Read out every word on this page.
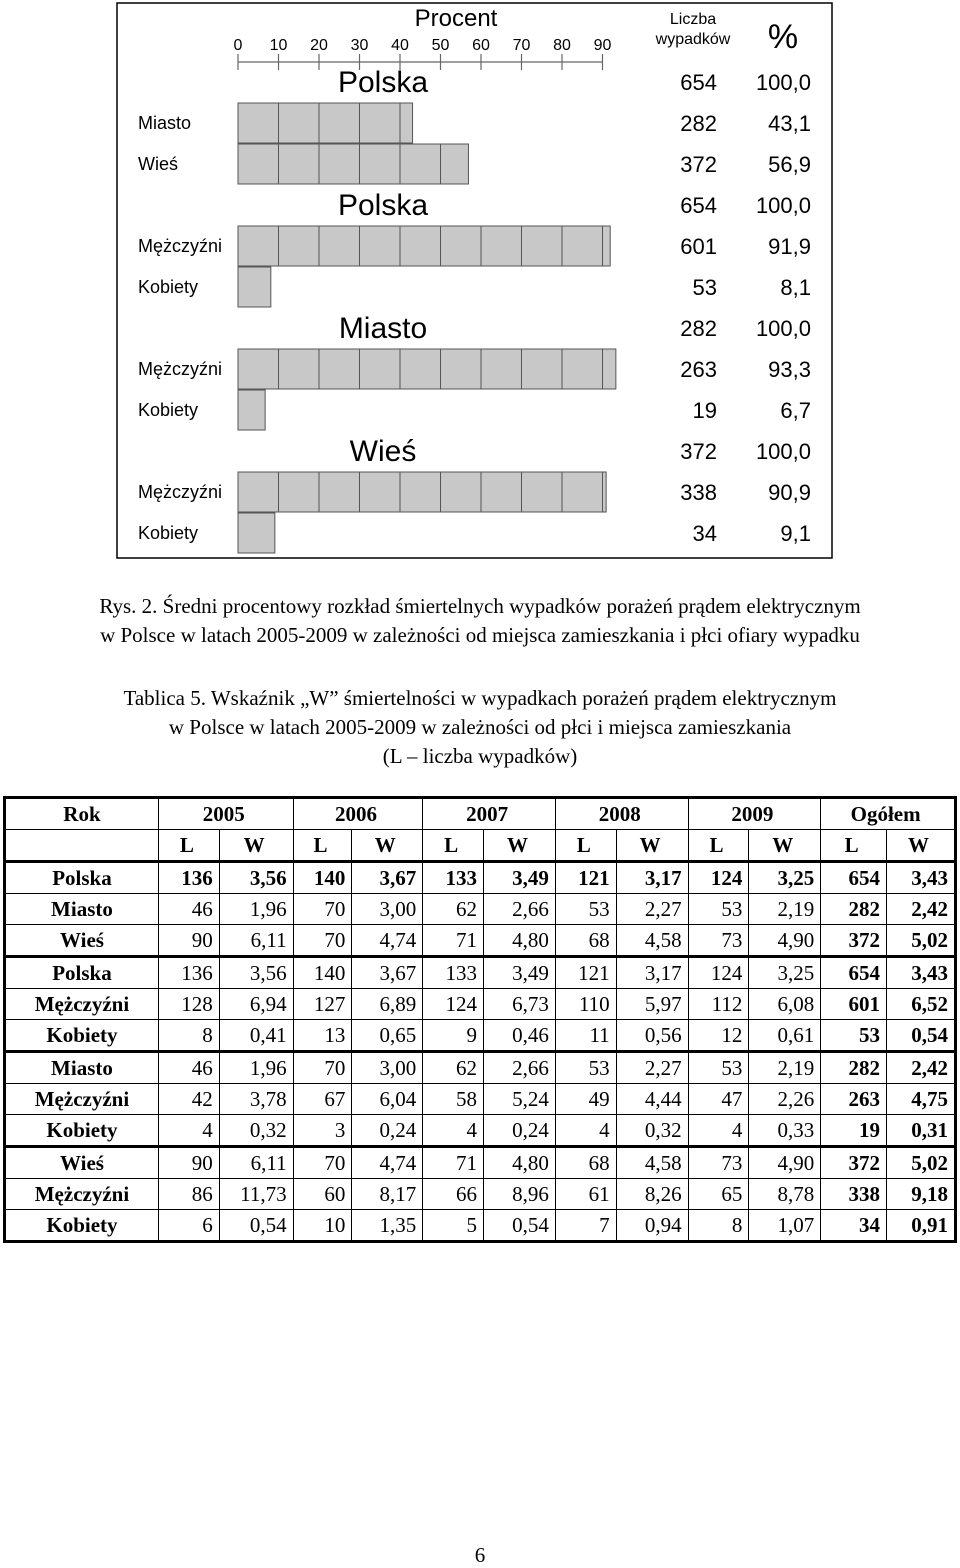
Procent
0 10 20 30 40 50 60 70 80 90
Liczba wypadków %
Polska	654 100,0
Miasto	282 43,1
Wieś	372 56,9
Polska	654 100,0
Mężczyźni	601 91,9
Kobiety	53	8,1
Miasto	282 100,0
Mężczyźni	263 93,3
Kobiety	19	6,7
Wieś	372 100,0
Mężczyźni	338 90,9
Kobiety	34	9,1
Rys. 2. Średni procentowy rozkład śmiertelnych wypadków porażeń prądem elektrycznym
w Polsce w latach 2005-2009 w zależności od miejsca zamieszkania i płci ofiary wypadku
Tablica 5. Wskaźnik „W” śmiertelności w wypadkach porażeń prądem elektrycznym
w Polsce w latach 2005-2009 w zależności od płci i miejsca zamieszkania
(L – liczba wypadków)
Rok	2005		2006		2007		2008		2009		Ogółem	
	L	W	L	W	L	W	L	W	L	W	L	W
Polska	136	3,56	140	3,67	133	3,49	121	3,17	124	3,25	654	3,43
Miasto	46	1,96	70	3,00	62	2,66	53	2,27	53	2,19	282	2,42
Wieś	90	6,11	70	4,74	71	4,80	68	4,58	73	4,90	372	5,02
Polska	136	3,56	140	3,67	133	3,49	121	3,17	124	3,25	654	3,43
Mężczyźni	128	6,94	127	6,89	124	6,73	110	5,97	112	6,08	601	6,52
Kobiety	8	0,41	13	0,65	9	0,46	11	0,56	12	0,61	53	0,54
Miasto	46	1,96	70	3,00	62	2,66	53	2,27	53	2,19	282	2,42
Mężczyźni	42	3,78	67	6,04	58	5,24	49	4,44	47	2,26	263	4,75
Kobiety	4	0,32	3	0,24	4	0,24	4	0,32	4	0,33	19	0,31
Wieś	90	6,11	70	4,74	71	4,80	68	4,58	73	4,90	372	5,02
Mężczyźni	86	11,73	60	8,17	66	8,96	61	8,26	65	8,78	338	9,18
Kobiety	6	0,54	10	1,35	5	0,54	7	0,94	8	1,07	34	0,91
6
